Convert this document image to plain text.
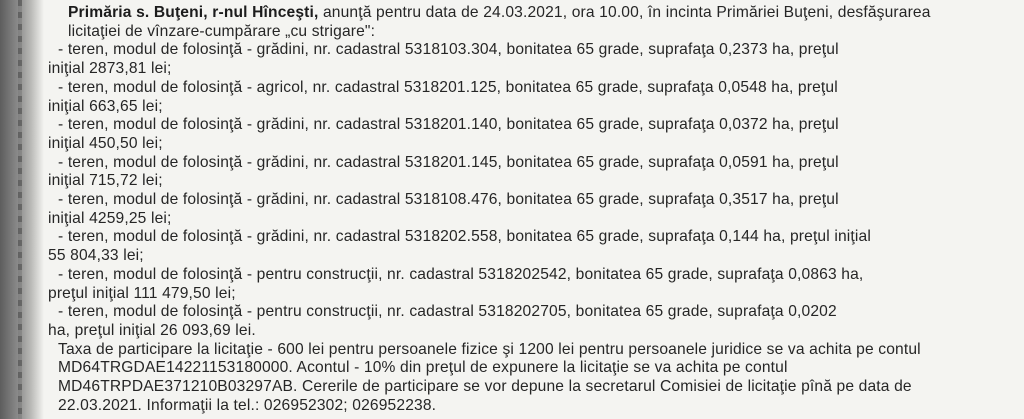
Primăria s. Buţeni, r-nul Hînceşti, anunţă pentru data de 24.03.2021, ora 10.00, în incinta Primăriei Buţeni, desfăşurarea licitaţiei de vînzare-cumpărare „cu strigare":

- teren, modul de folosinţă - grădini, nr. cadastral 5318103.304, bonitatea 65 grade, suprafaţa 0,2373 ha, preţul
iniţial 2873,81 lei;

- teren, modul de folosinţă - agricol, nr. cadastral 5318201.125, bonitatea 65 grade, suprafaţa 0,0548 ha, preţul
iniţial 663,65 lei;

- teren, modul de folosinţă - grădini, nr. cadastral 5318201.140, bonitatea 65 grade, suprafaţa 0,0372 ha, preţul
iniţial 450,50 lei;

- teren, modul de folosinţă - grădini, nr. cadastral 5318201.145, bonitatea 65 grade, suprafaţa 0,0591 ha, preţul
iniţial 715,72 lei;

- teren, modul de folosinţă - grădini, nr. cadastral 5318108.476, bonitatea 65 grade, suprafaţa 0,3517 ha, preţul
iniţial 4259,25 lei;

- teren, modul de folosinţă - grădini, nr. cadastral 5318202.558, bonitatea 65 grade, suprafaţa 0,144 ha, preţul iniţial
55 804,33 lei;

- teren, modul de folosinţă - pentru construcţii, nr. cadastral 5318202542, bonitatea 65 grade, suprafaţa 0,0863 ha,
preţul iniţial 111 479,50 lei;

- teren, modul de folosinţă - pentru construcţii, nr. cadastral 5318202705, bonitatea 65 grade, suprafaţa 0,0202
ha, preţul iniţial 26 093,69 lei.

Taxa de participare la licitaţie - 600 lei pentru persoanele fizice şi 1200 lei pentru persoanele juridice se va achita pe contul MD64TRGDAE14221153180000. Acontul - 10% din preţul de expunere la licitaţie se va achita pe contul MD46TRPDAE371210B03297AB. Cererile de participare se vor depune la secretarul Comisiei de licitaţie pînă pe data de 22.03.2021. Informaţii la tel.: 026952302; 026952238.
